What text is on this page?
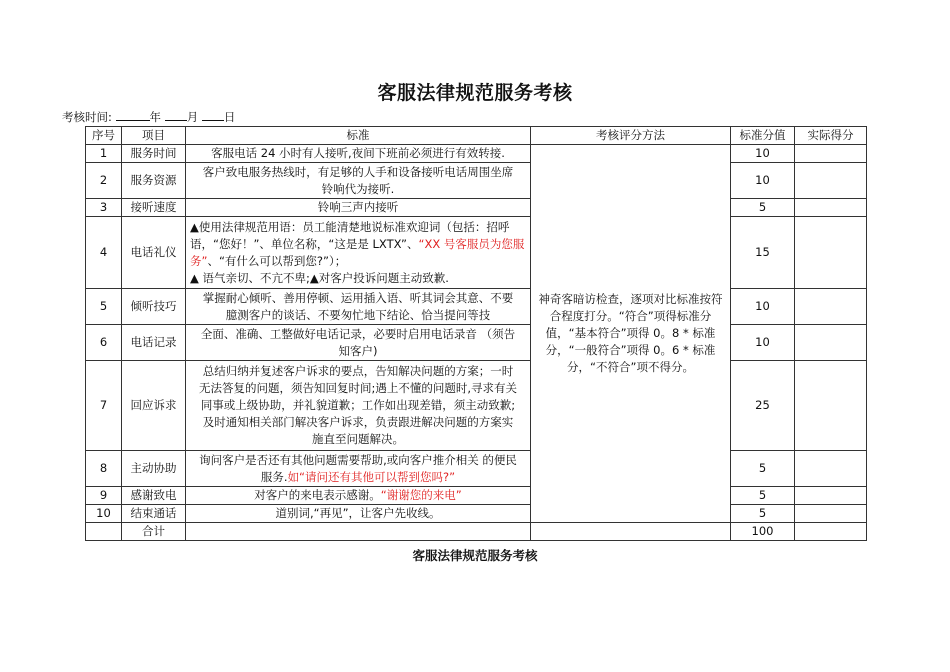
客服法律规范服务考核
考核时间:	年 月 日
序号	项目	标准	考核评分方法	标准分值	实际得分
1	服务时间	客服电话 24 小时有人接听,夜间下班前必须进行有效转接.	神奇客暗访检查，逐项对比标准按符合程度打分。“符合”项得标准分值，“基本符合”项得 0。8 * 标准分，“一般符合”项得 0。6 * 标准分，“不符合”项不得分。	10	
2	服务资源	客户致电服务热线时，有足够的人手和设备接听电话周围坐席
铃响代为接听.		10	
3	接听速度	铃响三声内接听		5	
4	电话礼仪	▲使用法律规范用语：员工能清楚地说标准欢迎词（包括：招呼语，“您好！”、单位名称，“这是是 LXTX”、“XX 号客服员为您服务”、“有什么可以帮到您?”）；
▲ 语气亲切、不亢不卑;▲对客户投诉问题主动致歉.		15	
5	倾听技巧	掌握耐心倾听、善用停顿、运用插入语、听其词会其意、不要
臆测客户的谈话、不要匆忙地下结论、恰当提问等技		10	
6	电话记录	全面、准确、工整做好电话记录，必要时启用电话录音 （须告
知客户)		10	
7	回应诉求	总结归纳并复述客户诉求的要点，告知解决问题的方案；一时
无法答复的问题，须告知回复时间;遇上不懂的问题时,寻求有关
同事或上级协助，并礼貌道歉；工作如出现差错，须主动致歉;
及时通知相关部门解决客户诉求，负责跟进解决问题的方案实
施直至问题解决。		25	
8	主动协助	询问客户是否还有其他问题需要帮助,或向客户推介相关 的便民
服务.如“请问还有其他可以帮到您吗?”		5	
9	感谢致电	对客户的来电表示感谢。“谢谢您的来电”		5	
10	结束通话	道别词,“再见”，让客户先收线。		5	
	合计			100	
客服法律规范服务考核
